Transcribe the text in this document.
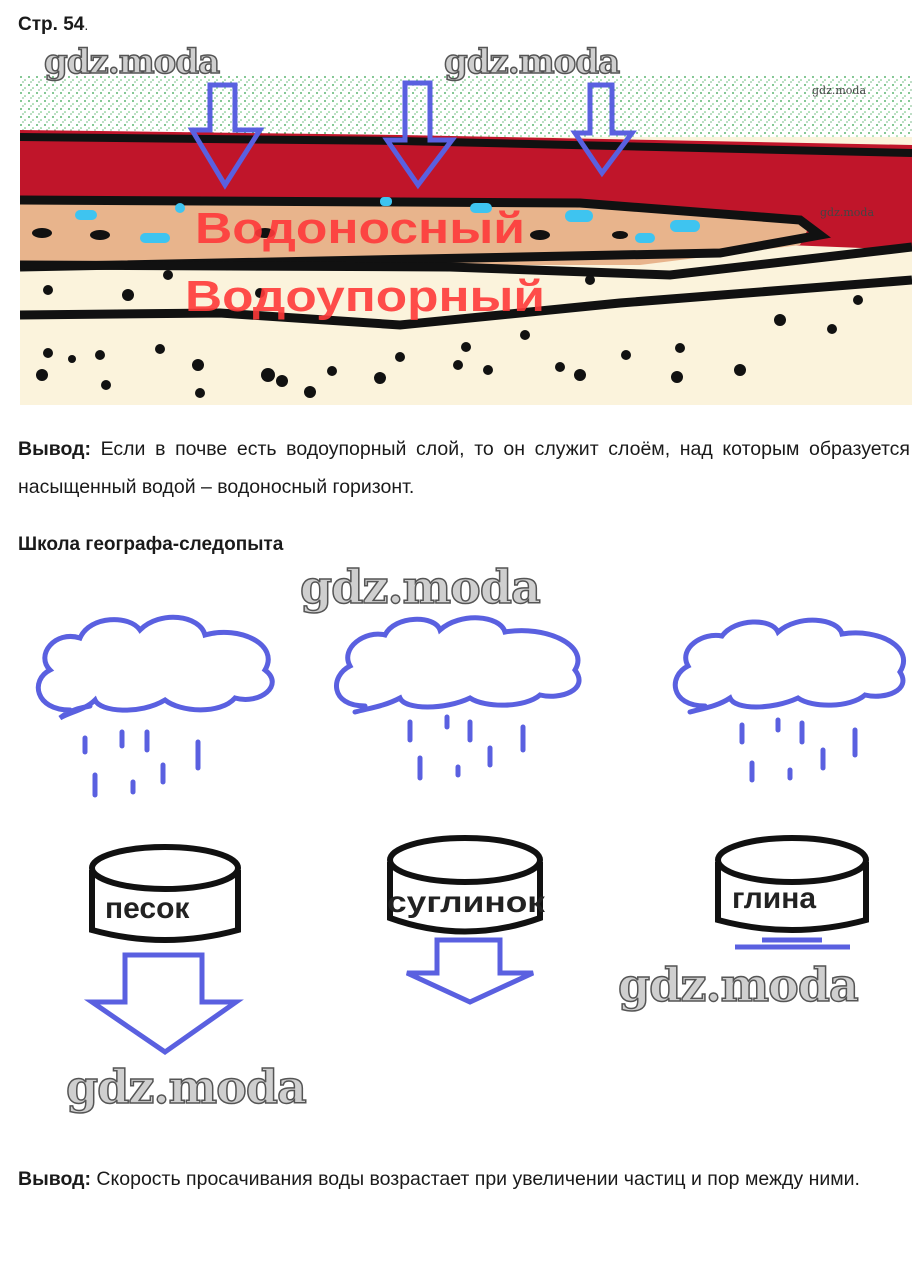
Стр. 54.
Водоносный
Водоупорный
gdz.moda	gdz.moda
gdz.moda
gdz.moda
Вывод: Если в почве есть водоупорный слой, то он служит слоём, над которым образуется насыщенный водой – водоносный горизонт.
Школа географа-следопыта
gdz.moda
песок	суглинок	глина
gdz.moda
gdz.moda
Вывод: Скорость просачивания воды возрастает при увеличении частиц и пор между ними.
